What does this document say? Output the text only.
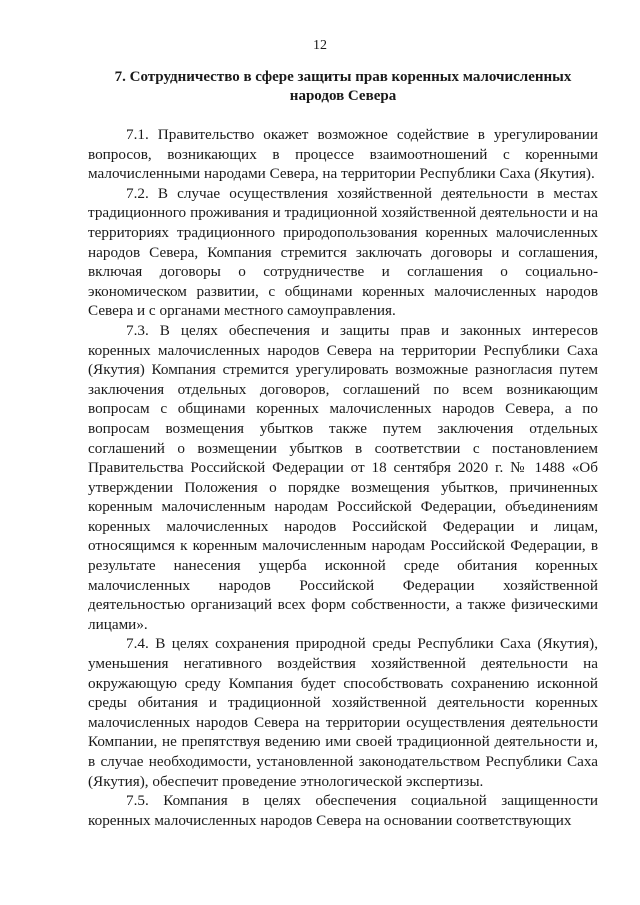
12
7. Сотрудничество в сфере защиты прав коренных малочисленных народов Севера

7.1. Правительство окажет возможное содействие в урегулировании вопросов, возникающих в процессе взаимоотношений с коренными малочисленными народами Севера, на территории Республики Саха (Якутия).

7.2. В случае осуществления хозяйственной деятельности в местах традиционного проживания и традиционной хозяйственной деятельности и на территориях традиционного природопользования коренных малочисленных народов Севера, Компания стремится заключать договоры и соглашения, включая договоры о сотрудничестве и соглашения о социально-экономическом развитии, с общинами коренных малочисленных народов Севера и с органами местного самоуправления.

7.3. В целях обеспечения и защиты прав и законных интересов коренных малочисленных народов Севера на территории Республики Саха (Якутия) Компания стремится урегулировать возможные разногласия путем заключения отдельных договоров, соглашений по всем возникающим вопросам с общинами коренных малочисленных народов Севера, а по вопросам возмещения убытков также путем заключения отдельных соглашений о возмещении убытков в соответствии с постановлением Правительства Российской Федерации от 18 сентября 2020 г. № 1488 «Об утверждении Положения о порядке возмещения убытков, причиненных коренным малочисленным народам Российской Федерации, объединениям коренных малочисленных народов Российской Федерации и лицам, относящимся к коренным малочисленным народам Российской Федерации, в результате нанесения ущерба исконной среде обитания коренных малочисленных народов Российской Федерации хозяйственной деятельностью организаций всех форм собственности, а также физическими лицами».

7.4. В целях сохранения природной среды Республики Саха (Якутия), уменьшения негативного воздействия хозяйственной деятельности на окружающую среду Компания будет способствовать сохранению исконной среды обитания и традиционной хозяйственной деятельности коренных малочисленных народов Севера на территории осуществления деятельности Компании, не препятствуя ведению ими своей традиционной деятельности и, в случае необходимости, установленной законодательством Республики Саха (Якутия), обеспечит проведение этнологической экспертизы.

7.5. Компания в целях обеспечения социальной защищенности коренных малочисленных народов Севера на основании соответствующих
